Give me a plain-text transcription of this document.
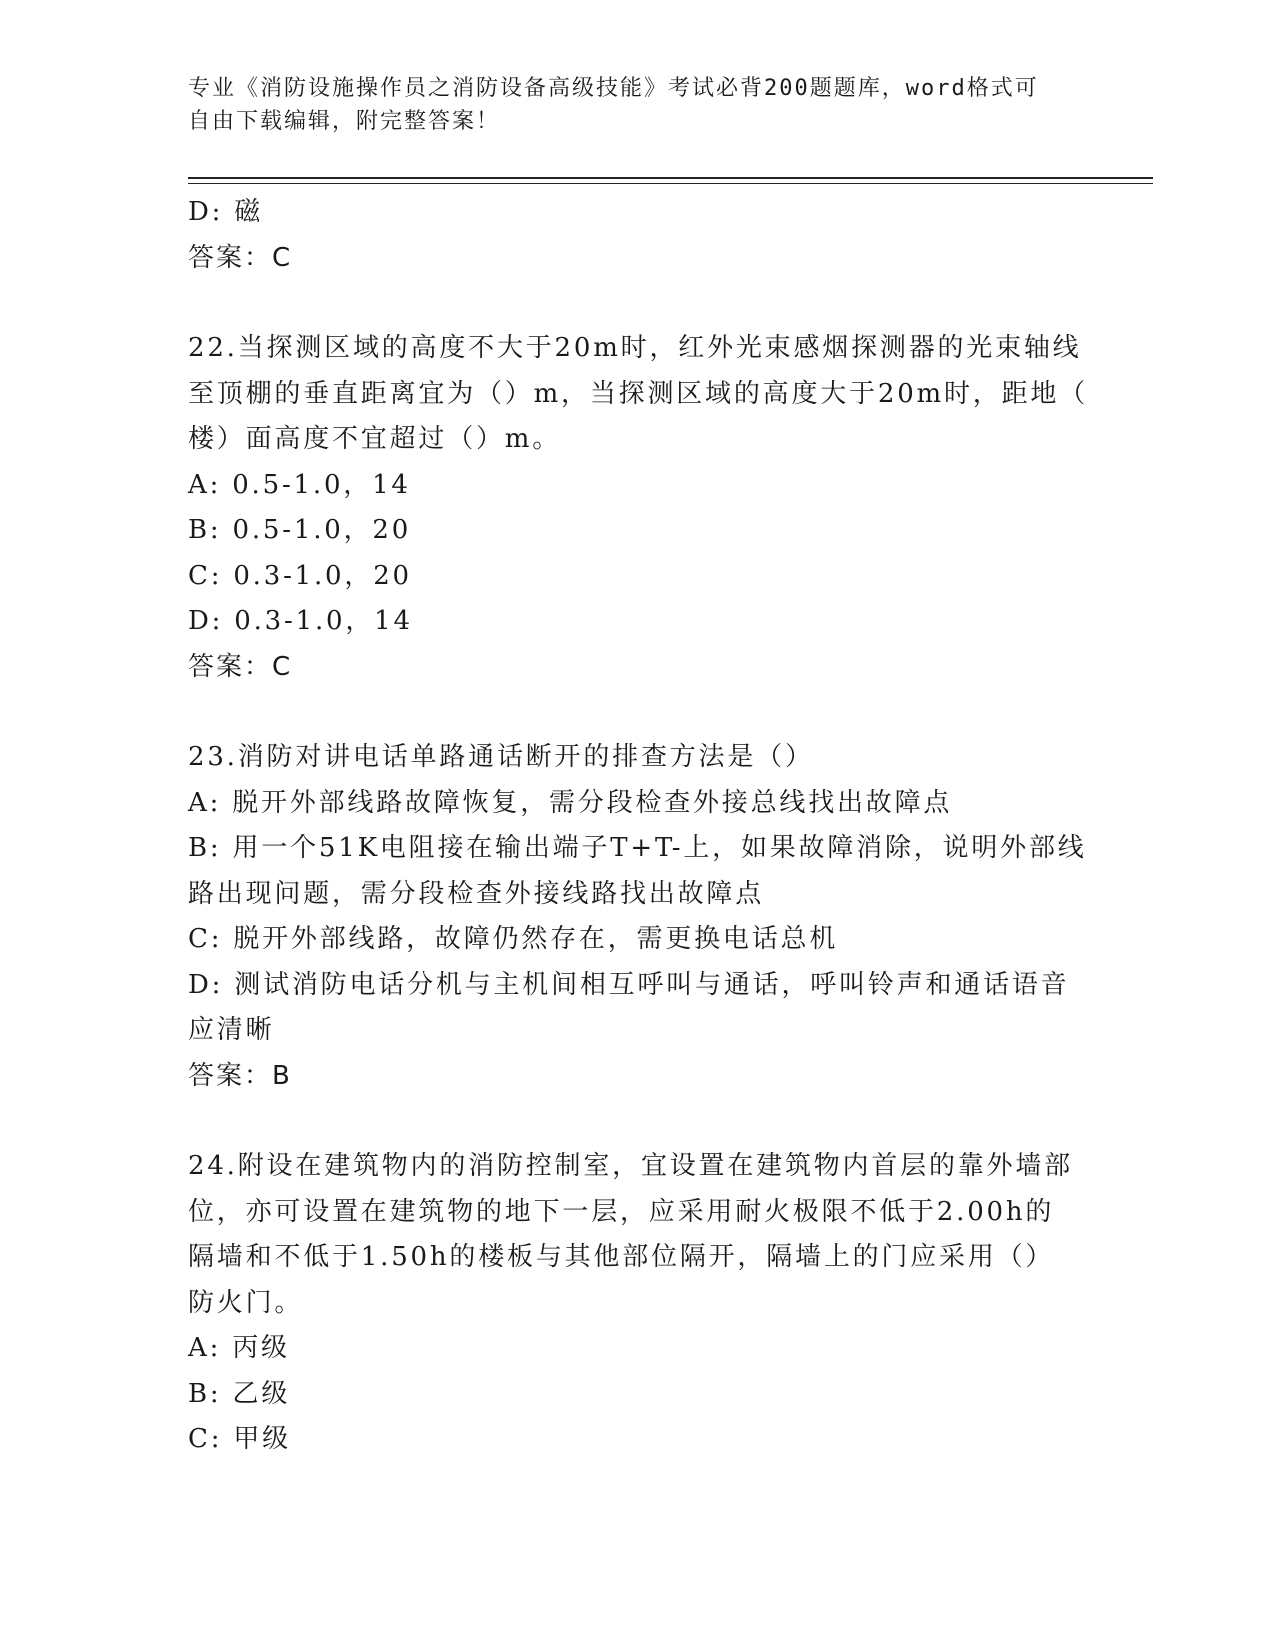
专业《消防设施操作员之消防设备高级技能》考试必背200题题库，word格式可
自由下载编辑，附完整答案！
D: 磁
答案：C
22.当探测区域的高度不大于20m时，红外光束感烟探测器的光束轴线
至顶棚的垂直距离宜为（）m，当探测区域的高度大于20m时，距地（
楼）面高度不宜超过（）m。
A: 0.5-1.0，14
B: 0.5-1.0，20
C: 0.3-1.0，20
D: 0.3-1.0，14
答案：C
23.消防对讲电话单路通话断开的排查方法是（）
A: 脱开外部线路故障恢复，需分段检查外接总线找出故障点
B: 用一个51K电阻接在输出端子T+T-上，如果故障消除，说明外部线
路出现问题，需分段检查外接线路找出故障点
C: 脱开外部线路，故障仍然存在，需更换电话总机
D: 测试消防电话分机与主机间相互呼叫与通话，呼叫铃声和通话语音
应清晰
答案：B
24.附设在建筑物内的消防控制室，宜设置在建筑物内首层的靠外墙部
位，亦可设置在建筑物的地下一层，应采用耐火极限不低于2.00h的
隔墙和不低于1.50h的楼板与其他部位隔开，隔墙上的门应采用（）
防火门。
A: 丙级
B: 乙级
C: 甲级
